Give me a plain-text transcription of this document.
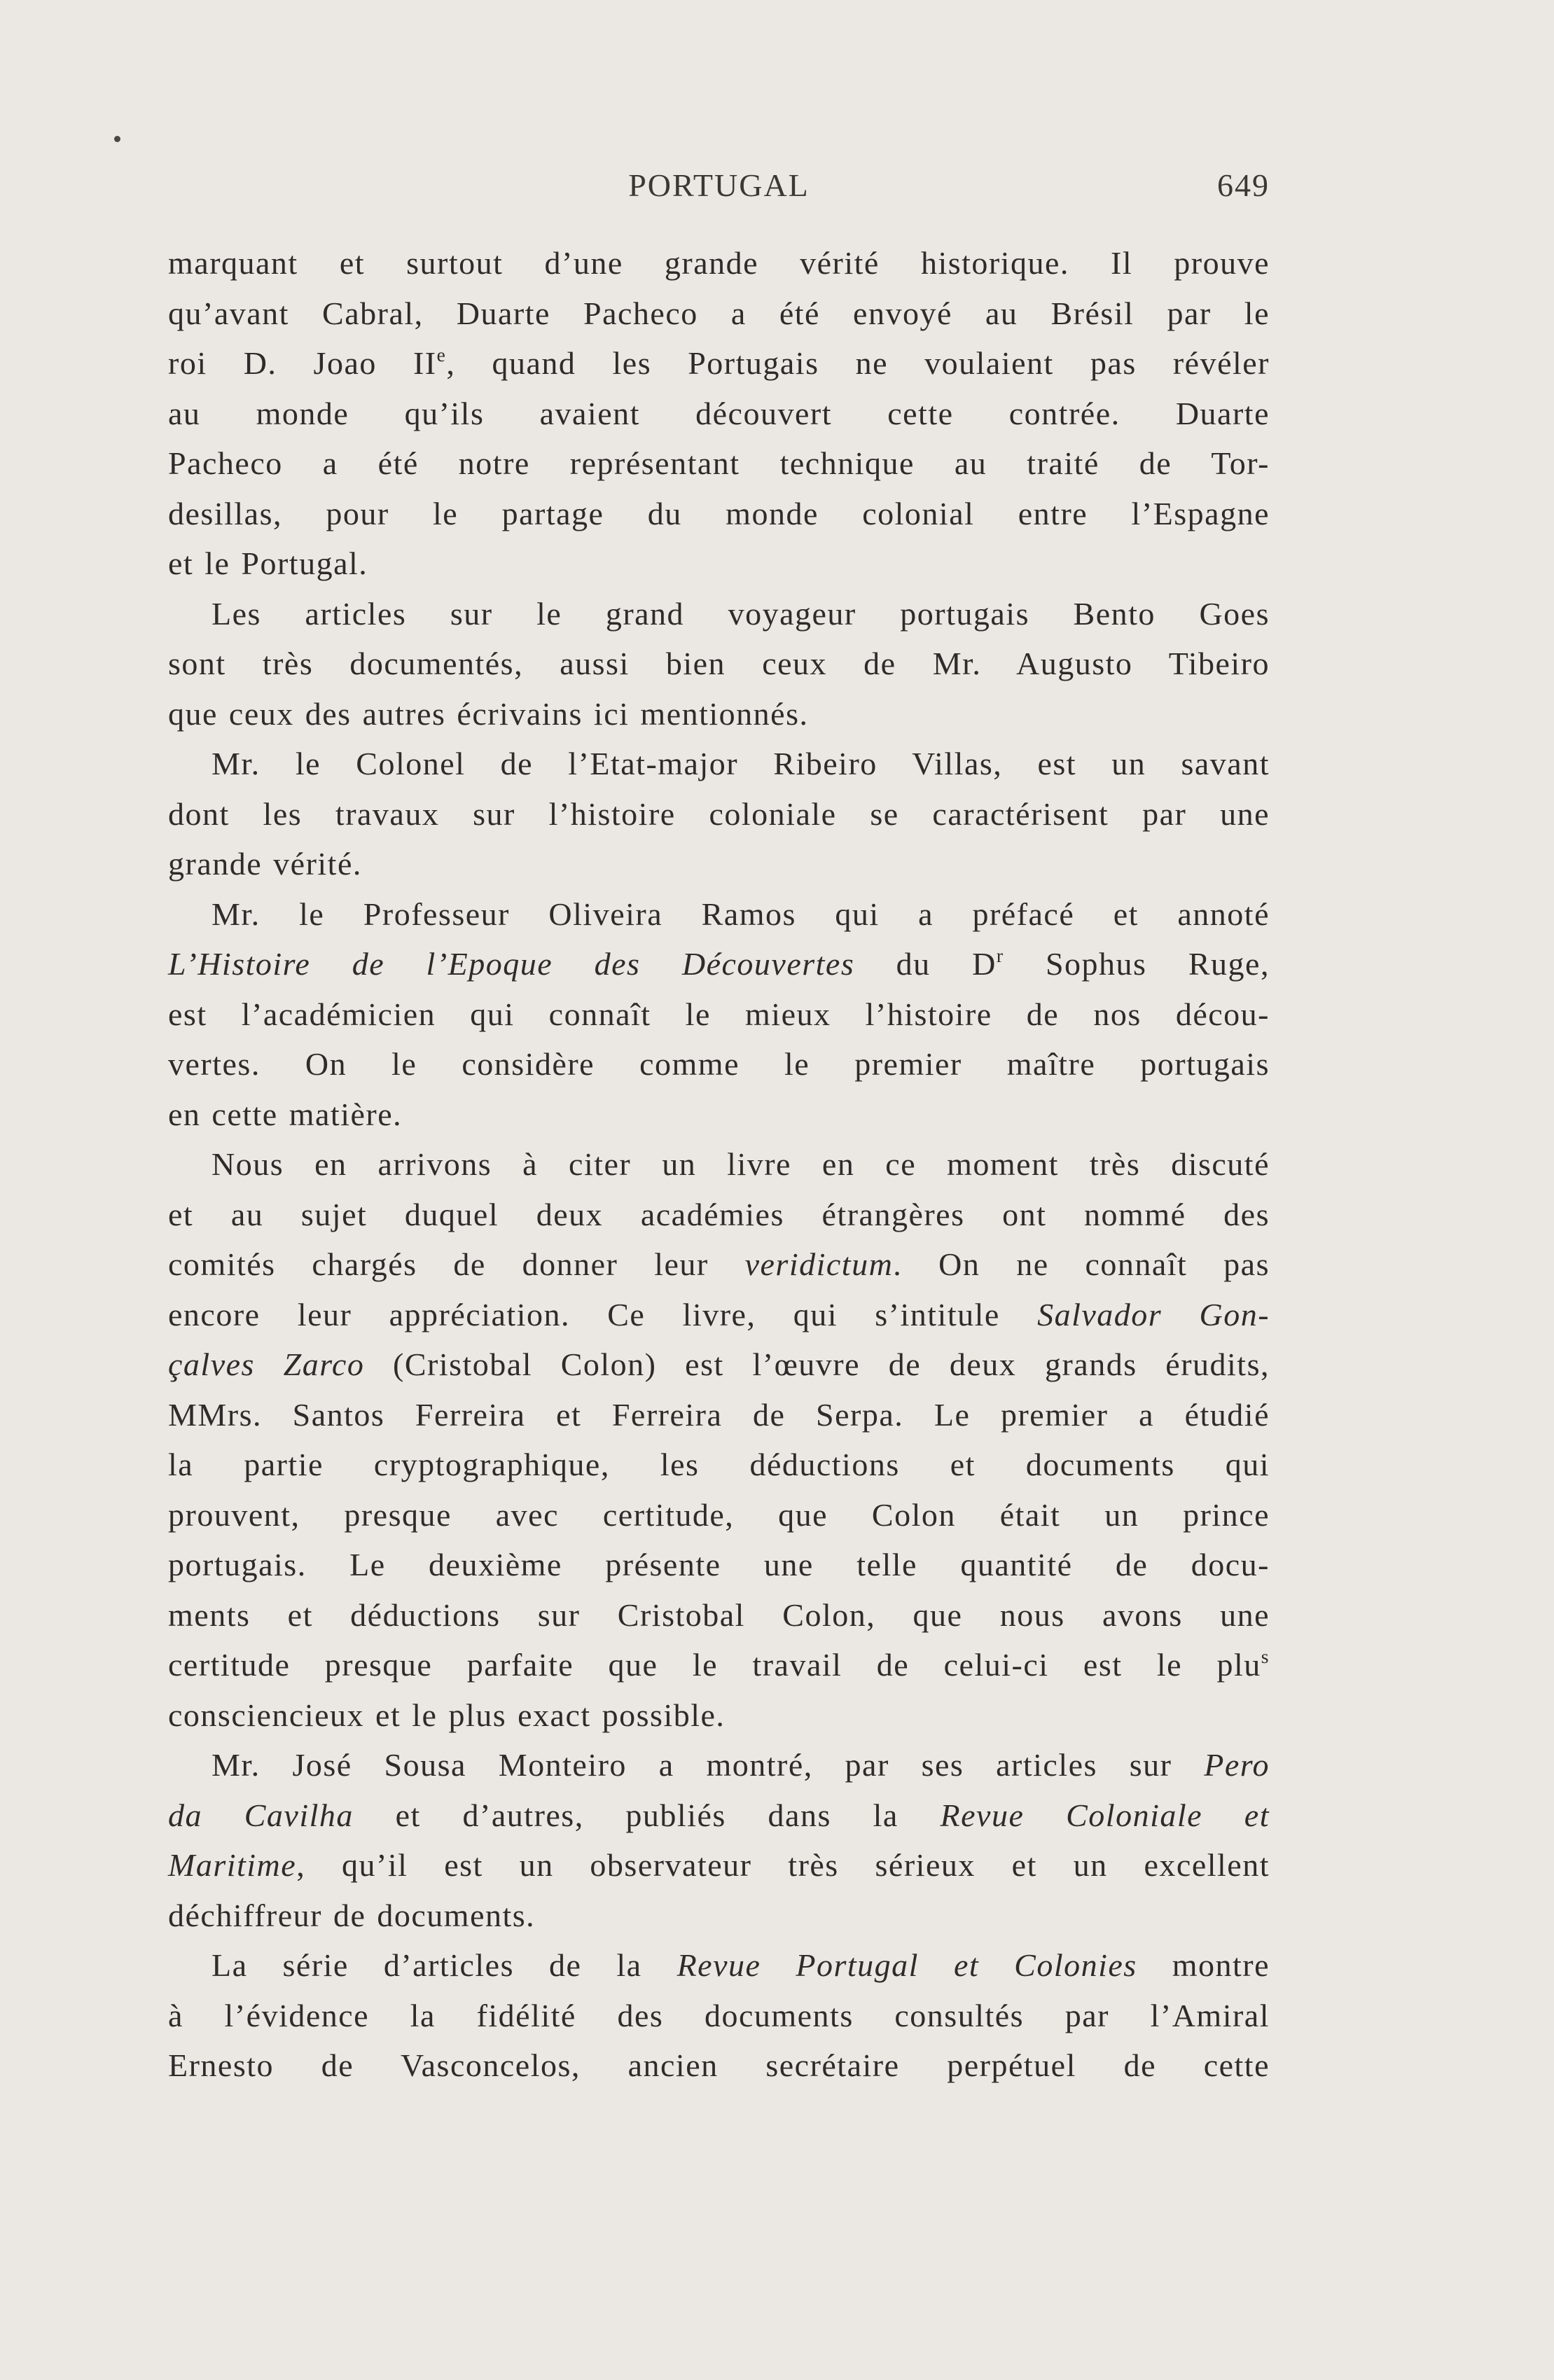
PORTUGAL	649
marquant et surtout d’une grande vérité historique. Il prouve
qu’avant Cabral, Duarte Pacheco a été envoyé au Brésil par le
roi D. Joao IIe, quand les Portugais ne voulaient pas révéler
au monde qu’ils avaient découvert cette contrée. Duarte
Pacheco a été notre représentant technique au traité de Tor-
desillas, pour le partage du monde colonial entre l’Espagne
et le Portugal.
Les articles sur le grand voyageur portugais Bento Goes
sont très documentés, aussi bien ceux de Mr. Augusto Tibeiro
que ceux des autres écrivains ici mentionnés.
Mr. le Colonel de l’Etat-major Ribeiro Villas, est un savant
dont les travaux sur l’histoire coloniale se caractérisent par une
grande vérité.
Mr. le Professeur Oliveira Ramos qui a préfacé et annoté
L’Histoire de l’Epoque des Découvertes du $D^r$ Sophus Ruge,
est l’académicien qui connaît le mieux l’histoire de nos décou-
vertes. On le considère comme le premier maître portugais
en cette matière.
Nous en arrivons à citer un livre en ce moment très discuté
et au sujet duquel deux académies étrangères ont nommé des
comités chargés de donner leur veridictum. On ne connaît pas
encore leur appréciation. Ce livre, qui s’intitule Salvador Gon-
çalves Zarco (Cristobal Colon) est l’œuvre de deux grands érudits,
MMrs. Santos Ferreira et Ferreira de Serpa. Le premier a étudié
la partie cryptographique, les déductions et documents qui
prouvent, presque avec certitude, que Colon était un prince
portugais. Le deuxième présente une telle quantité de docu-
ments et déductions sur Cristobal Colon, que nous avons une
certitude presque parfaite que le travail de celui-ci est le plu$^s$
consciencieux et le plus exact possible.
Mr. José Sousa Monteiro a montré, par ses articles sur Pero
da Cavilha et d’autres, publiés dans la Revue Coloniale et
Maritime, qu’il est un observateur très sérieux et un excellent
déchiffreur de documents.
La série d’articles de la Revue Portugal et Colonies montre
à l’évidence la fidélité des documents consultés par l’Amiral
Ernesto de Vasconcelos, ancien secrétaire perpétuel de cette
